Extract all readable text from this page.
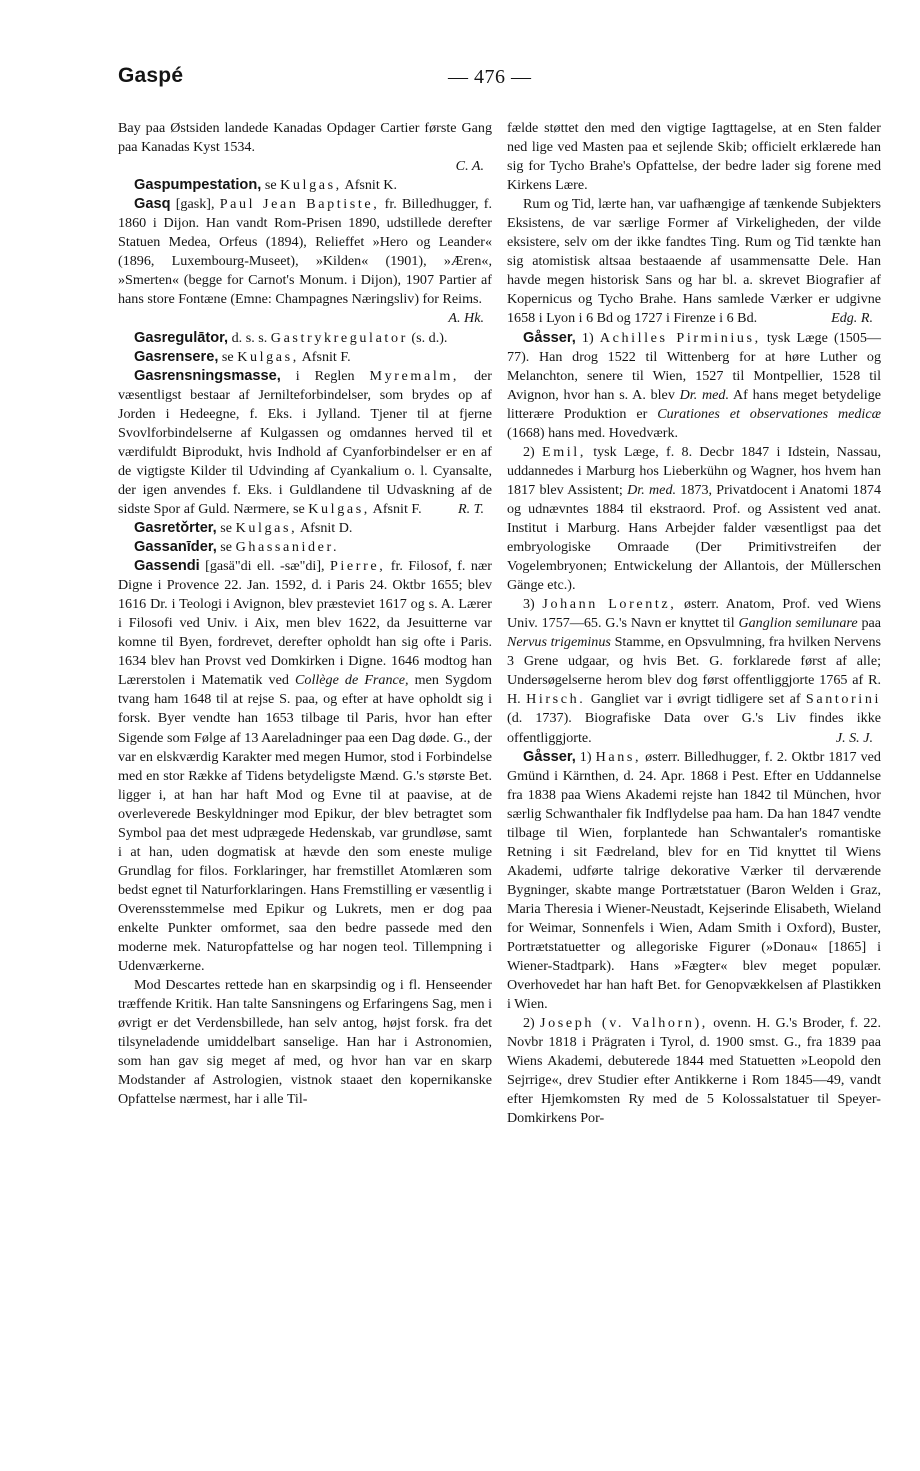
Gaspé	— 476 —

Bay paa Østsiden landede Kanadas Opdager Cartier første Gang paa Kanadas Kyst 1534.
C. A.

Gaspumpestation, se Kulgas, Afsnit K.

Gasq [gask], Paul Jean Baptiste, fr. Billedhugger, f. 1860 i Dijon. Han vandt Rom-Prisen 1890, udstillede derefter Statuen Medea, Orfeus (1894), Relieffet »Hero og Leander« (1896, Luxembourg-Museet), »Kilden« (1901), »Æren«, »Smerten« (begge for Carnot's Monum. i Dijon), 1907 Partier af hans store Fontæne (Emne: Champagnes Næringsliv) for Reims.
A. Hk.

Gasregulātor, d. s. s. Gastrykregulator (s. d.).

Gasrensere, se Kulgas, Afsnit F.

Gasrensningsmasse, i Reglen Myremalm, der væsentligst bestaar af Jernilteforbindelser, som brydes op af Jorden i Hedeegne, f. Eks. i Jylland. Tjener til at fjerne Svovlforbindelserne af Kulgassen og omdannes herved til et værdifuldt Biprodukt, hvis Indhold af Cyanforbindelser er en af de vigtigste Kilder til Udvinding af Cyankalium o. l. Cyansalte, der igen anvendes f. Eks. i Guldlandene til Udvaskning af de sidste Spor af Guld. Nærmere, se Kulgas, Afsnit F.	R. T.

Gasretǒrter, se Kulgas, Afsnit D.

Gassanīder, se Ghassanider.

Gassendi [gasä"di ell. -sæ"di], Pierre, fr. Filosof, f. nær Digne i Provence 22. Jan. 1592, d. i Paris 24. Oktbr 1655; blev 1616 Dr. i Teologi i Avignon, blev præsteviet 1617 og s. A. Lærer i Filosofi ved Univ. i Aix, men blev 1622, da Jesuitterne var komne til Byen, fordrevet, derefter opholdt han sig ofte i Paris. 1634 blev han Provst ved Domkirken i Digne. 1646 modtog han Lærerstolen i Matematik ved Collège de France, men Sygdom tvang ham 1648 til at rejse S. paa, og efter at have opholdt sig i forsk. Byer vendte han 1653 tilbage til Paris, hvor han efter Sigende som Følge af 13 Aareladninger paa een Dag døde. G., der var en elskværdig Karakter med megen Humor, stod i Forbindelse med en stor Række af Tidens betydeligste Mænd. G.'s største Bet. ligger i, at han har haft Mod og Evne til at paavise, at de overleverede Beskyldninger mod Epikur, der blev betragtet som Symbol paa det mest udprægede Hedenskab, var grundløse, samt i at han, uden dogmatisk at hævde den som eneste mulige Grundlag for filos. Forklaringer, har fremstillet Atomlæren som bedst egnet til Naturforklaringen. Hans Fremstilling er væsentlig i Overensstemmelse med Epikur og Lukrets, men er dog paa enkelte Punkter omformet, saa den bedre passede med den moderne mek. Naturopfattelse og har nogen teol. Tillempning i Udenværkerne.

Mod Descartes rettede han en skarpsindig og i fl. Henseender træffende Kritik. Han talte Sansningens og Erfaringens Sag, men i øvrigt er det Verdensbillede, han selv antog, højst forsk. fra det tilsyneladende umiddelbart sanselige. Han har i Astronomien, som han gav sig meget af med, og hvor han var en skarp Modstander af Astrologien, vistnok staaet den kopernikanske Opfattelse nærmest, har i alle Til-

fælde støttet den med den vigtige Iagttagelse, at en Sten falder ned lige ved Masten paa et sejlende Skib; officielt erklærede han sig for Tycho Brahe's Opfattelse, der bedre lader sig forene med Kirkens Lære.

Rum og Tid, lærte han, var uafhængige af tænkende Subjekters Eksistens, de var særlige Former af Virkeligheden, der vilde eksistere, selv om der ikke fandtes Ting. Rum og Tid tænkte han sig atomistisk altsaa bestaaende af usammensatte Dele. Han havde megen historisk Sans og har bl. a. skrevet Biografier af Kopernicus og Tycho Brahe. Hans samlede Værker er udgivne 1658 i Lyon i 6 Bd og 1727 i Firenze i 6 Bd.	Edg. R.

Gåsser, 1) Achilles Pirminius, tysk Læge (1505—77). Han drog 1522 til Wittenberg for at høre Luther og Melanchton, senere til Wien, 1527 til Montpellier, 1528 til Avignon, hvor han s. A. blev Dr. med. Af hans meget betydelige litterære Produktion er Curationes et observationes medicæ (1668) hans med. Hovedværk.

2) Emil, tysk Læge, f. 8. Decbr 1847 i Idstein, Nassau, uddannedes i Marburg hos Lieberkühn og Wagner, hos hvem han 1817 blev Assistent; Dr. med. 1873, Privatdocent i Anatomi 1874 og udnævntes 1884 til ekstraord. Prof. og Assistent ved anat. Institut i Marburg. Hans Arbejder falder væsentligst paa det embryologiske Omraade (Der Primitivstreifen der Vogelembryonen; Entwickelung der Allantois, der Müllerschen Gänge etc.).

3) Johann Lorentz, østerr. Anatom, Prof. ved Wiens Univ. 1757—65. G.'s Navn er knyttet til Ganglion semilunare paa Nervus trigeminus Stamme, en Opsvulmning, fra hvilken Nervens 3 Grene udgaar, og hvis Bet. G. forklarede først af alle; Undersøgelserne herom blev dog først offentliggjorte 1765 af R. H. Hirsch. Gangliet var i øvrigt tidligere set af Santorini (d. 1737). Biografiske Data over G.'s Liv findes ikke offentliggjorte.	J. S. J.

Gåsser, 1) Hans, østerr. Billedhugger, f. 2. Oktbr 1817 ved Gmünd i Kärnthen, d. 24. Apr. 1868 i Pest. Efter en Uddannelse fra 1838 paa Wiens Akademi rejste han 1842 til München, hvor særlig Schwanthaler fik Indflydelse paa ham. Da han 1847 vendte tilbage til Wien, forplantede han Schwantaler's romantiske Retning i sit Fædreland, blev for en Tid knyttet til Wiens Akademi, udførte talrige dekorative Værker til derværende Bygninger, skabte mange Portrætstatuer (Baron Welden i Graz, Maria Theresia i Wiener-Neustadt, Kejserinde Elisabeth, Wieland for Weimar, Sonnenfels i Wien, Adam Smith i Oxford), Buster, Portrætstatuetter og allegoriske Figurer (»Donau« [1865] i Wiener-Stadtpark). Hans »Fægter« blev meget populær. Overhovedet har han haft Bet. for Genopvækkelsen af Plastikken i Wien.

2) Joseph (v. Valhorn), ovenn. H. G.'s Broder, f. 22. Novbr 1818 i Prägraten i Tyrol, d. 1900 smst. G., fra 1839 paa Wiens Akademi, debuterede 1844 med Statuetten »Leopold den Sejrrige«, drev Studier efter Antikkerne i Rom 1845—49, vandt efter Hjemkomsten Ry med de 5 Kolossalstatuer til Speyer-Domkirkens Por-
